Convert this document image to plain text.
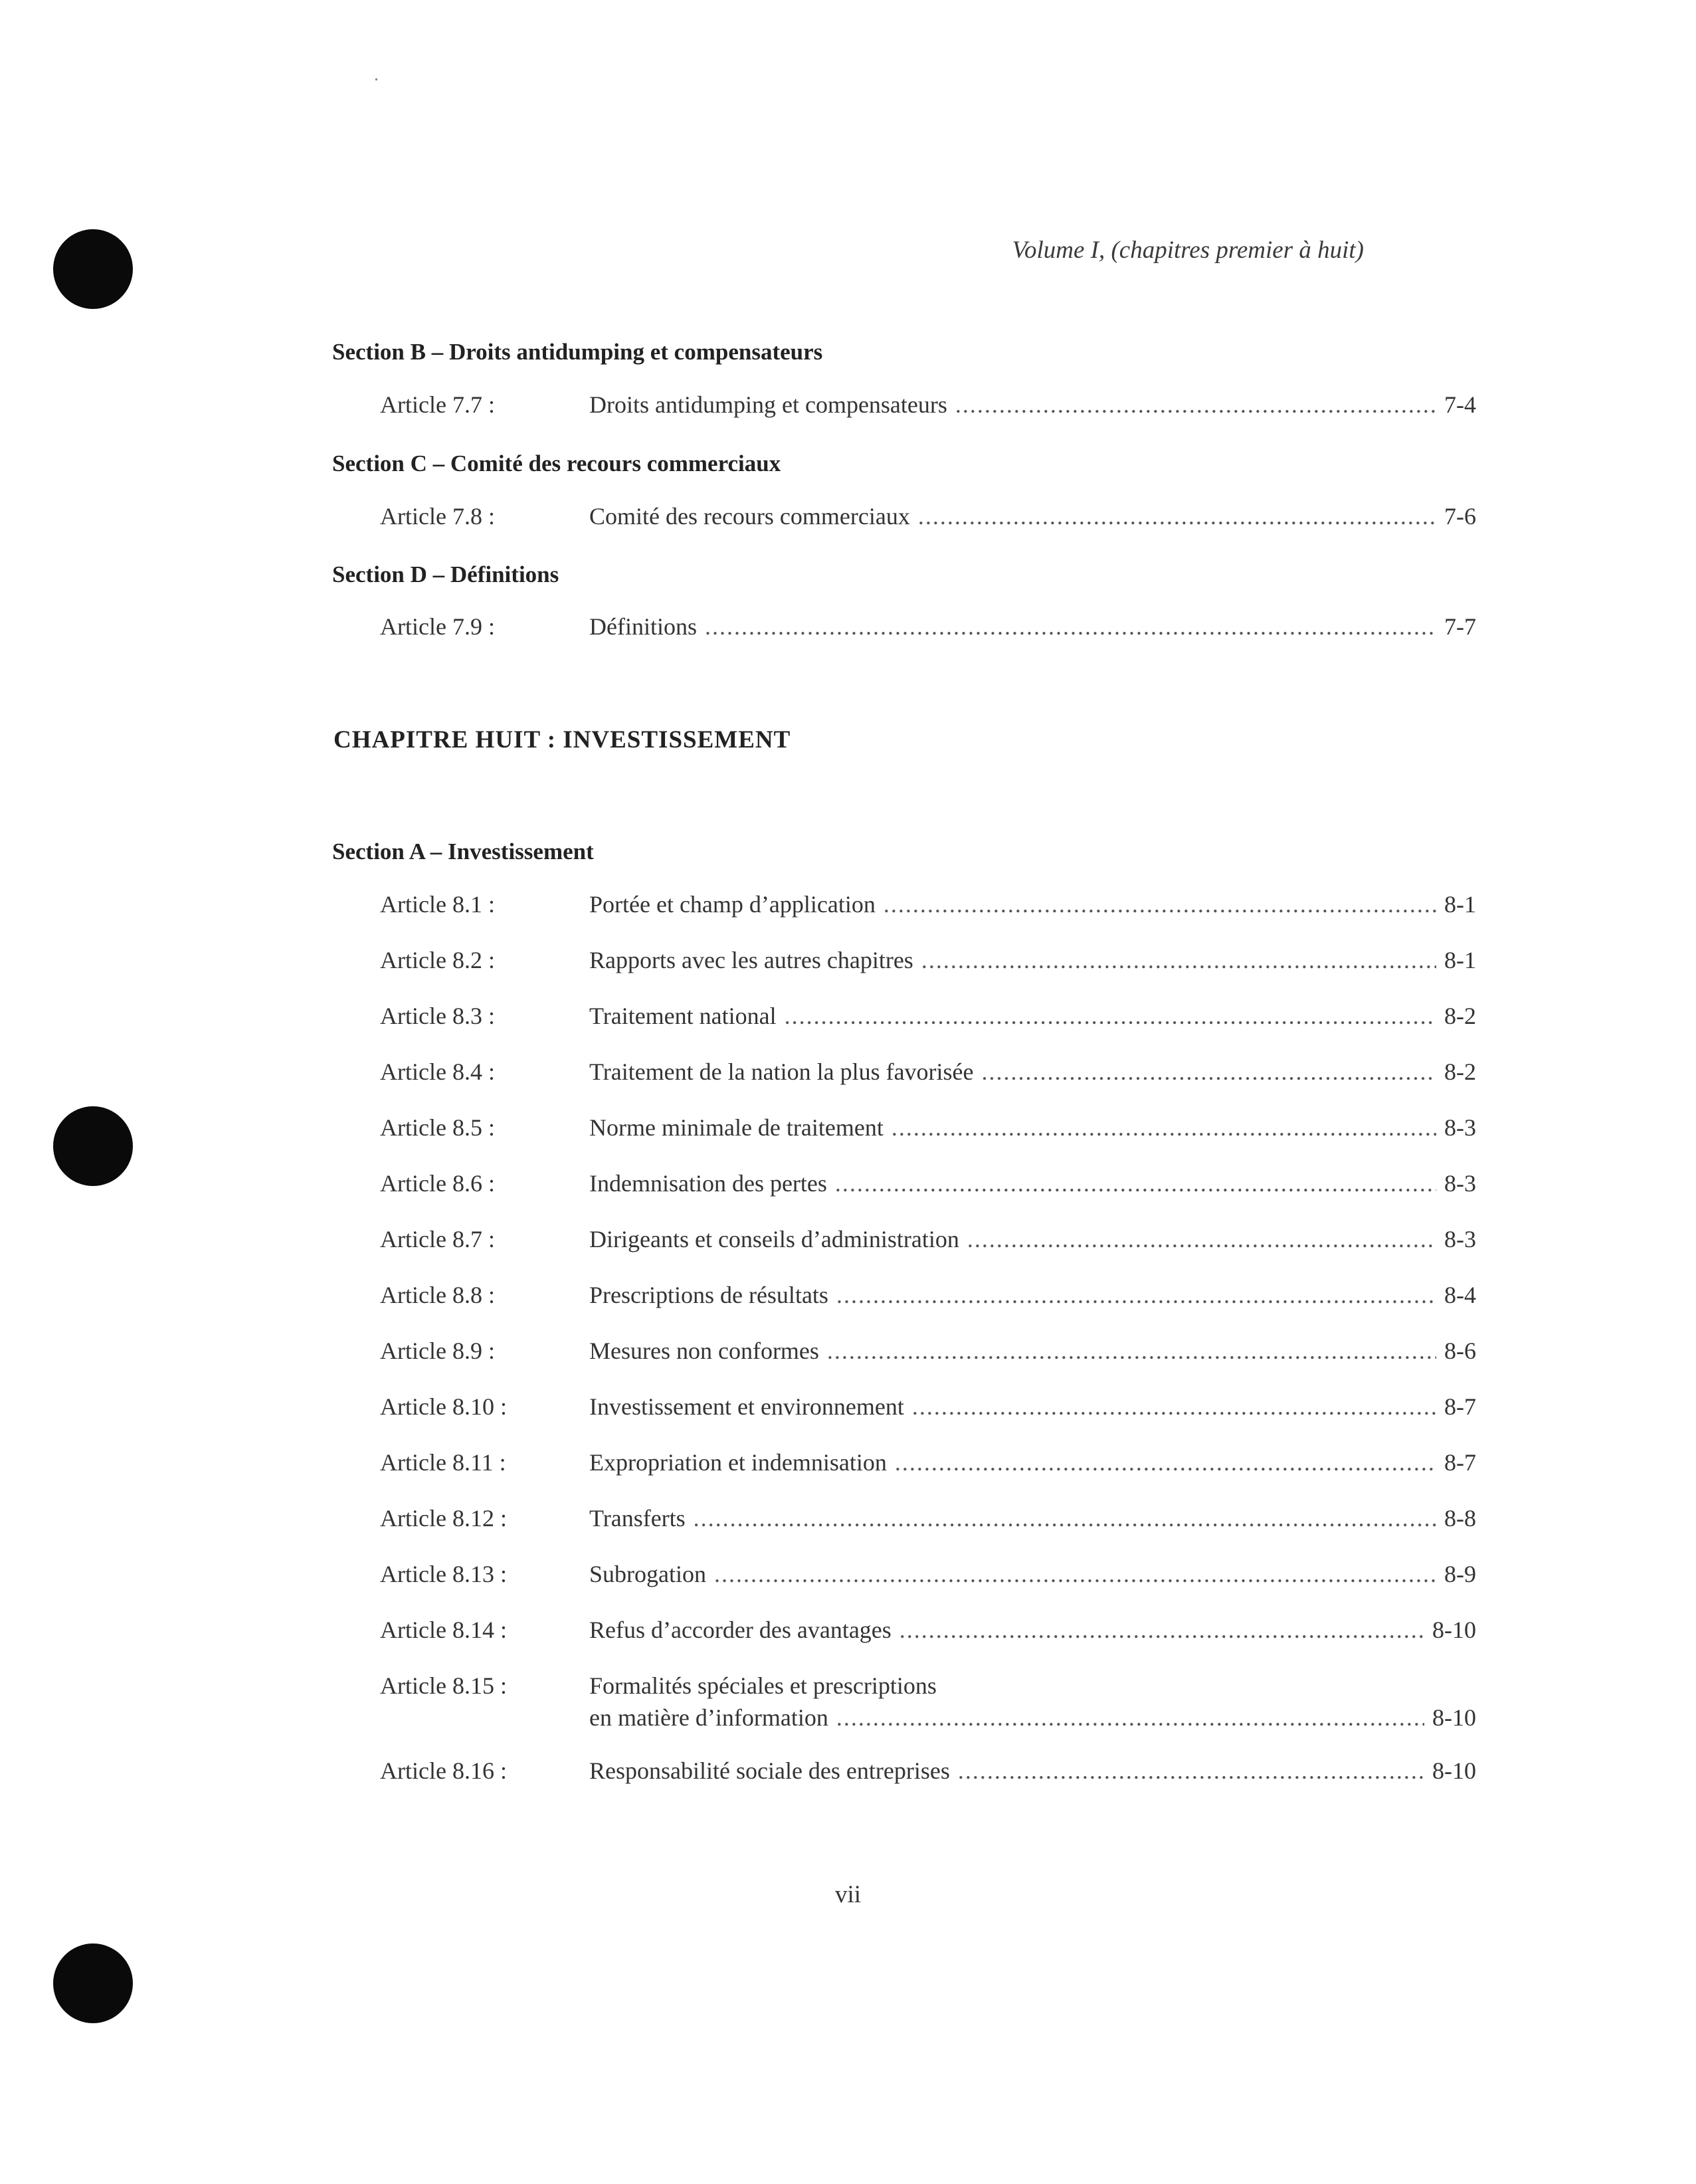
Volume I, (chapitres premier à huit)
Section B – Droits antidumping et compensateurs
Article 7.7 :	Droits antidumping et compensateurs .....	7-4
Section C – Comité des recours commerciaux
Article 7.8 :	Comité des recours commerciaux .....	7-6
Section D – Définitions
Article 7.9 :	Définitions .....	7-7
CHAPITRE HUIT : INVESTISSEMENT
Section A – Investissement
Article 8.1 :	Portée et champ d’application .....	8-1
Article 8.2 :	Rapports avec les autres chapitres .....	8-1
Article 8.3 :	Traitement national .....	8-2
Article 8.4 :	Traitement de la nation la plus favorisée .....	8-2
Article 8.5 :	Norme minimale de traitement .....	8-3
Article 8.6 :	Indemnisation des pertes .....	8-3
Article 8.7 :	Dirigeants et conseils d’administration .....	8-3
Article 8.8 :	Prescriptions de résultats .....	8-4
Article 8.9 :	Mesures non conformes .....	8-6
Article 8.10 :	Investissement et environnement .....	8-7
Article 8.11 :	Expropriation et indemnisation .....	8-7
Article 8.12 :	Transferts .....	8-8
Article 8.13 :	Subrogation .....	8-9
Article 8.14 :	Refus d’accorder des avantages .....	8-10
Article 8.15 :	Formalités spéciales et prescriptions
en matière d’information .....	8-10
Article 8.16 :	Responsabilité sociale des entreprises .....	8-10
vii
